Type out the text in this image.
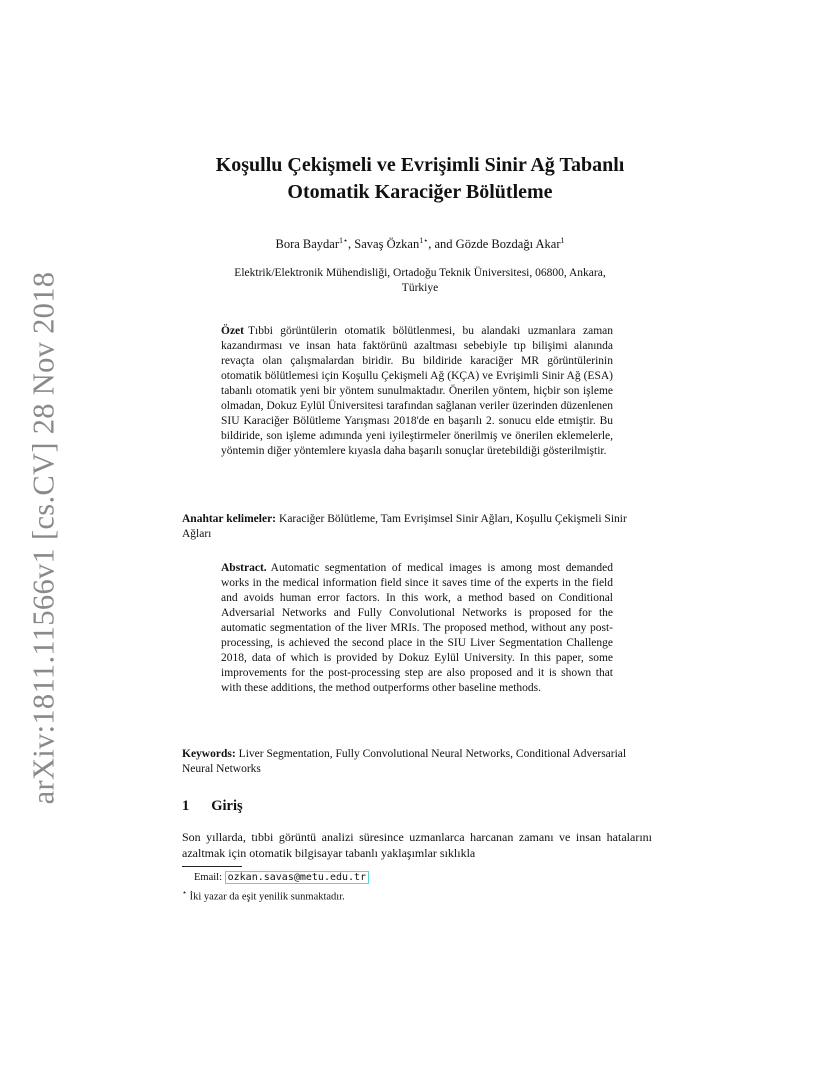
arXiv:1811.11566v1 [cs.CV] 28 Nov 2018
Koşullu Çekişmeli ve Evrişimli Sinir Ağ Tabanlı
Otomatik Karaciğer Bölütleme
Bora Baydar$^{1⋆}$, Savaş Özkan$^{1⋆}$, and Gözde Bozdağı Akar$^1$
Elektrik/Elektronik Mühendisliği, Ortadoğu Teknik Üniversitesi, 06800, Ankara,
Türkiye
Özet Tıbbi görüntülerin otomatik bölütlenmesi, bu alandaki uzmanlara zaman kazandırması ve insan hata faktörünü azaltması sebebiyle tıp bilişimi alanında revaçta olan çalışmalardan biridir. Bu bildiride karaciğer MR görüntülerinin otomatik bölütlemesi için Koşullu Çekişmeli Ağ (KÇA) ve Evrişimli Sinir Ağ (ESA) tabanlı otomatik yeni bir yöntem sunulmaktadır. Önerilen yöntem, hiçbir son işleme olmadan, Dokuz Eylül Üniversitesi tarafından sağlanan veriler üzerinden düzenlenen SIU Karaciğer Bölütleme Yarışması 2018'de en başarılı 2. sonucu elde etmiştir. Bu bildiride, son işleme adımında yeni iyileştirmeler önerilmiş ve önerilen eklemelerle, yöntemin diğer yöntemlere kıyasla daha başarılı sonuçlar üretebildiği gösterilmiştir.
Anahtar kelimeler: Karaciğer Bölütleme, Tam Evrişimsel Sinir Ağları, Koşullu Çekişmeli Sinir Ağları
Abstract. Automatic segmentation of medical images is among most demanded works in the medical information field since it saves time of the experts in the field and avoids human error factors. In this work, a method based on Conditional Adversarial Networks and Fully Convolutional Networks is proposed for the automatic segmentation of the liver MRIs. The proposed method, without any post-processing, is achieved the second place in the SIU Liver Segmentation Challenge 2018, data of which is provided by Dokuz Eylül University. In this paper, some improvements for the post-processing step are also proposed and it is shown that with these additions, the method outperforms other baseline methods.
Keywords: Liver Segmentation, Fully Convolutional Neural Networks, Conditional Adversarial Neural Networks
1 Giriş
Son yıllarda, tıbbi görüntü analizi süresince uzmanlarca harcanan zamanı ve insan hatalarını azaltmak için otomatik bilgisayar tabanlı yaklaşımlar sıklıkla
Email: ozkan.savas@metu.edu.tr
⋆ İki yazar da eşit yenilik sunmaktadır.
